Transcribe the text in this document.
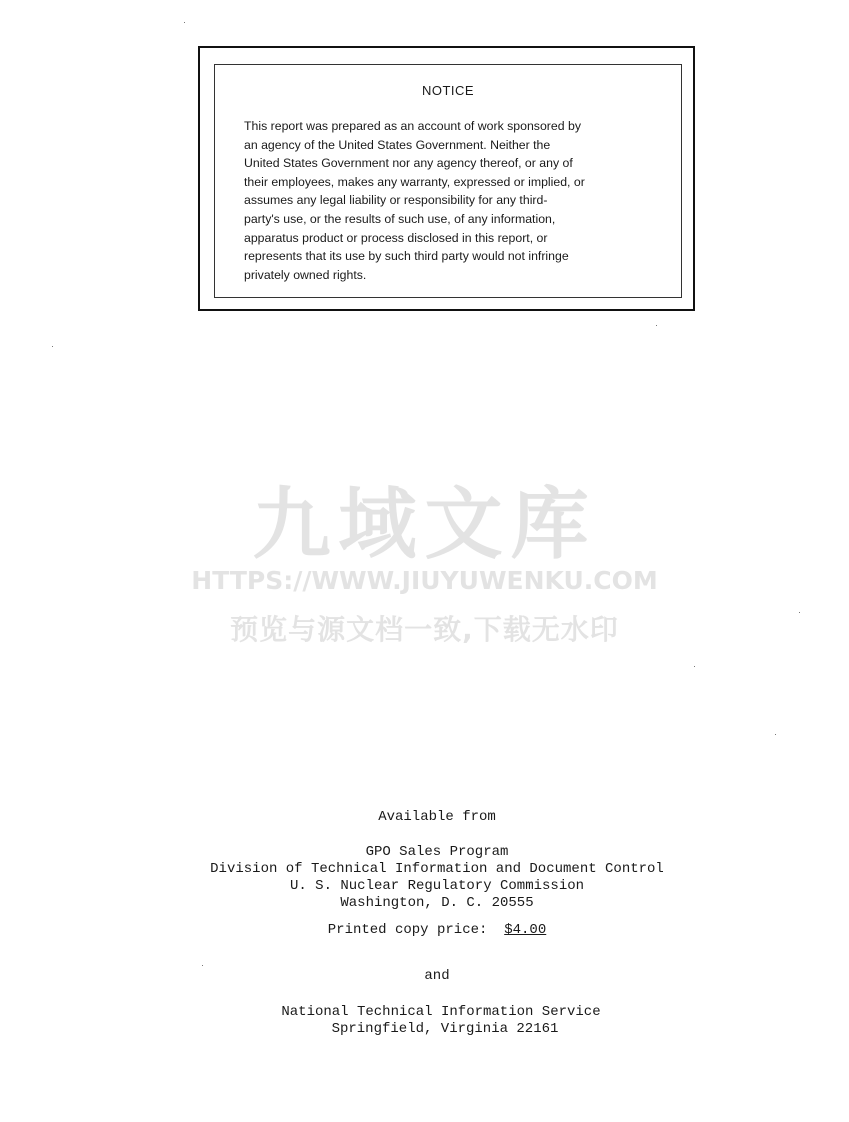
NOTICE
This report was prepared as an account of work sponsored by
an agency of the United States Government. Neither the
United States Government nor any agency thereof, or any of
their employees, makes any warranty, expressed or implied, or
assumes any legal liability or responsibility for any third-
party's use, or the results of such use, of any information,
apparatus product or process disclosed in this report, or
represents that its use by such third party would not infringe
privately owned rights.
九域文库
HTTPS://WWW.JIUYUWENKU.COM
预览与源文档一致,下载无水印
Available from
GPO Sales Program
Division of Technical Information and Document Control
U. S. Nuclear Regulatory Commission
Washington, D. C. 20555
Printed copy price: $4.00
and
National Technical Information Service
Springfield, Virginia 22161
